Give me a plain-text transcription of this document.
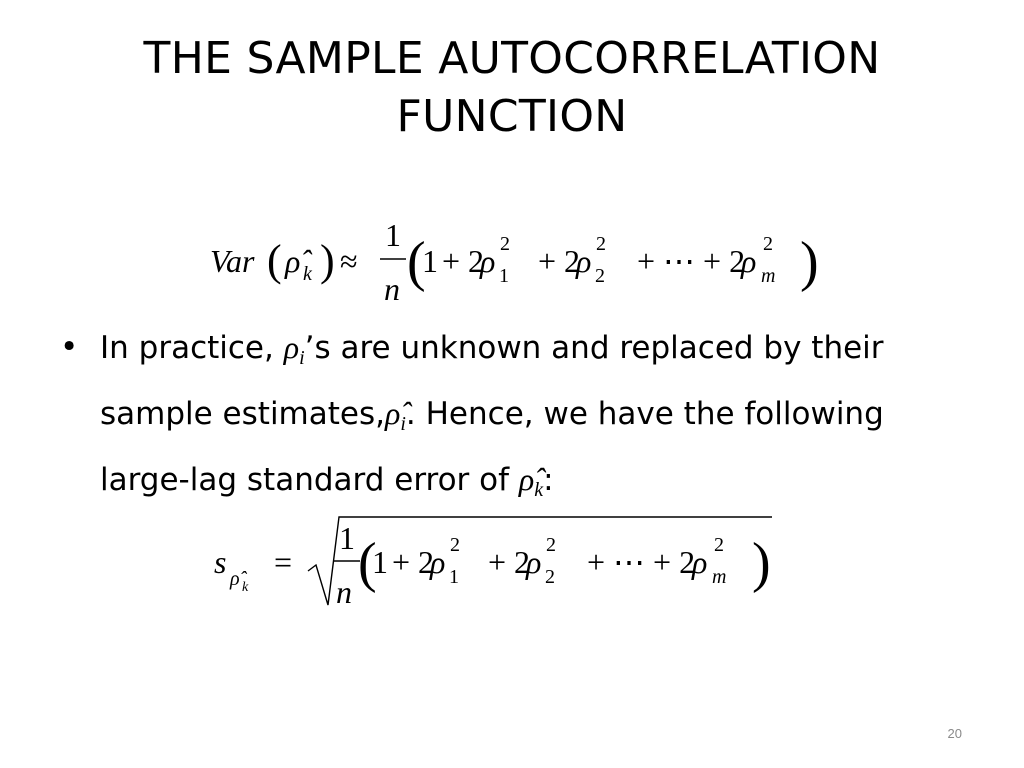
THE SAMPLE AUTOCORRELATION
FUNCTION
Var ( ρ̂ k ) ≈
1
n (
1 + 2
ρ 2
1 + 2
ρ 2
2 + ⋯ + 2
ρ 2
m )
• In practice, $\rho_i’s$ are unknown and replaced by their sample $estimates,\rhô_i$. Hence, we have the following large-lag standard error of $\rhô_k$:
s ρ̂ k
=
1
n (
1 + 2
ρ 2
1 + 2
ρ 2
2 + ⋯ + 2
ρ 2
m )
20
